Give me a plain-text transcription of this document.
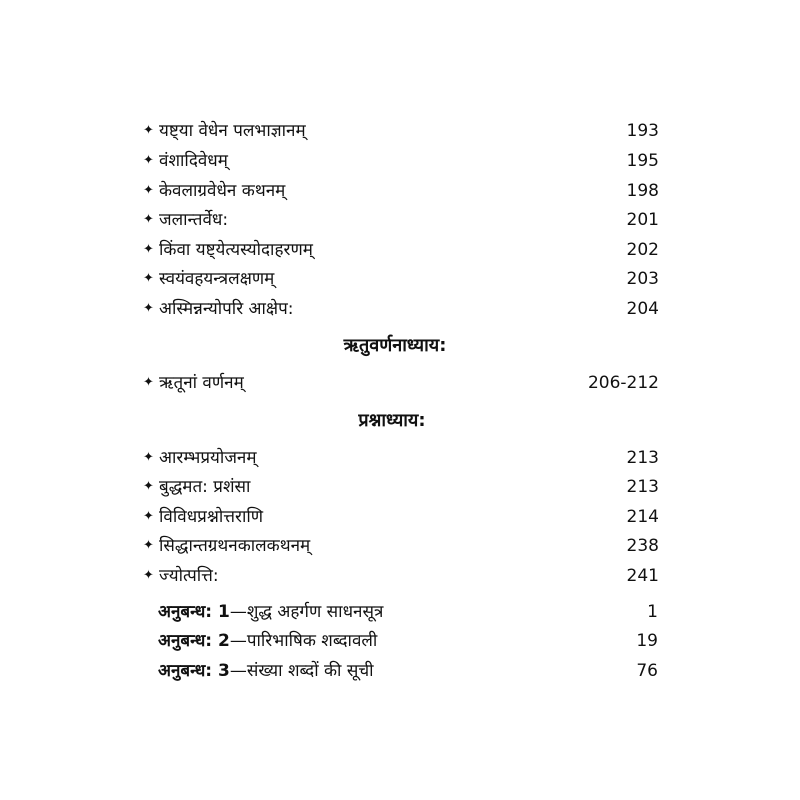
✦ यष्ट्या वेधेन पलभाज्ञानम्	193
✦ वंशादिवेधम्	195
✦ केवलाग्रवेधेन कथनम्	198
✦ जलान्तर्वेध:	201
✦ किंवा यष्ट्येत्यस्योदाहरणम्	202
✦ स्वयंवहयन्त्रलक्षणम्	203
✦ अस्मिन्नन्योपरि आक्षेप:	204
ऋतुवर्णनाध्याय:
✦ ऋतूनां वर्णनम्	206-212
प्रश्नाध्याय:
✦ आरम्भप्रयोजनम्	213
✦ बुद्धमत: प्रशंसा	213
✦ विविधप्रश्नोत्तराणि	214
✦ सिद्धान्तग्रथनकालकथनम्	238
✦ ज्योत्पत्ति:	241
अनुबन्ध: 1—शुद्ध अहर्गण साधनसूत्र	1
अनुबन्ध: 2—पारिभाषिक शब्दावली	19
अनुबन्ध: 3—संख्या शब्दों की सूची	76
